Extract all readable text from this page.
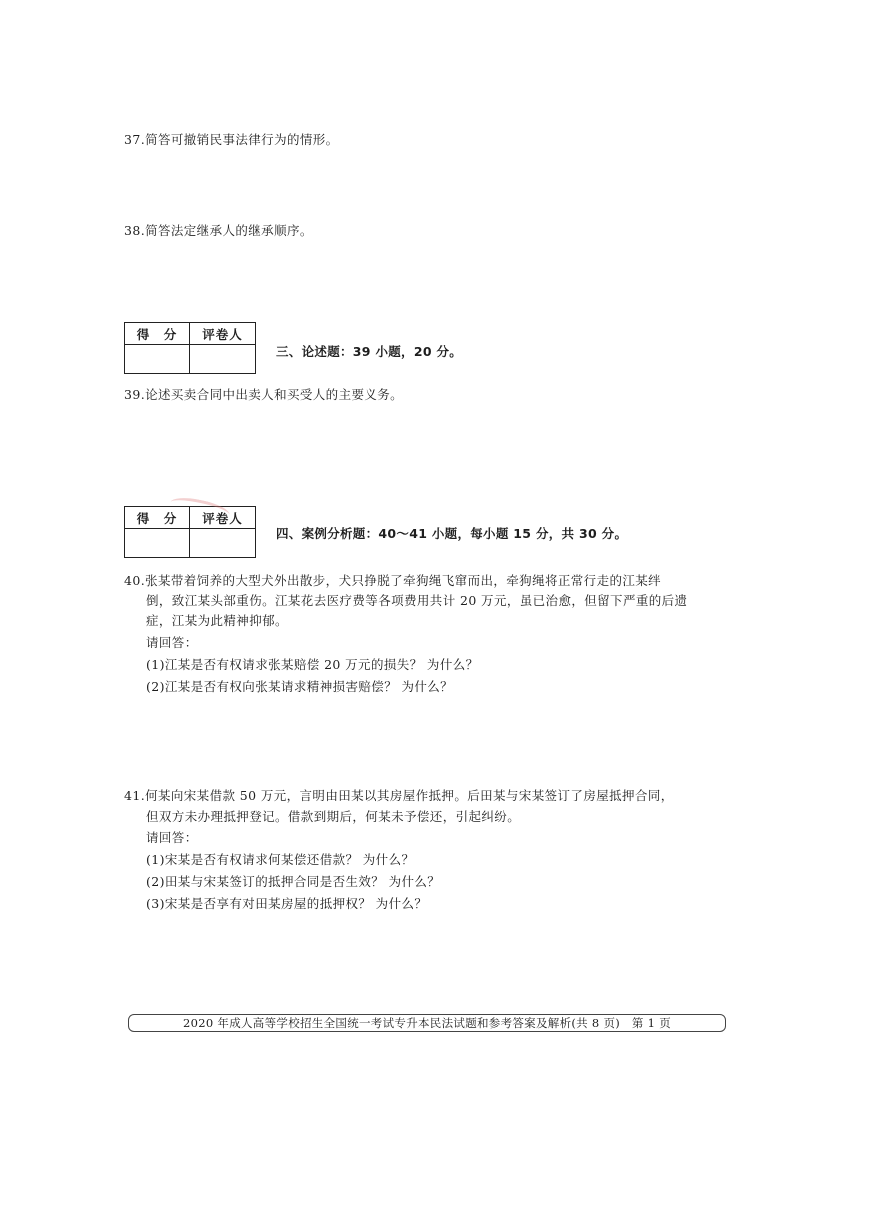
37.简答可撤销民事法律行为的情形。
38.简答法定继承人的继承顺序。
得　分	评卷人
三、论述题：39 小题，20 分。
39.论述买卖合同中出卖人和买受人的主要义务。
得　分	评卷人
四、案例分析题：40～41 小题，每小题 15 分，共 30 分。
40.张某带着饲养的大型犬外出散步，犬只挣脱了牵狗绳飞窜而出，牵狗绳将正常行走的江某绊
倒，致江某头部重伤。江某花去医疗费等各项费用共计 20 万元，虽已治愈，但留下严重的后遗
症，江某为此精神抑郁。
请回答：
(1)江某是否有权请求张某赔偿 20 万元的损失？ 为什么？
(2)江某是否有权向张某请求精神损害赔偿？ 为什么？
41.何某向宋某借款 50 万元，言明由田某以其房屋作抵押。后田某与宋某签订了房屋抵押合同，
但双方未办理抵押登记。借款到期后，何某未予偿还，引起纠纷。
请回答：
(1)宋某是否有权请求何某偿还借款？ 为什么？
(2)田某与宋某签订的抵押合同是否生效？ 为什么？
(3)宋某是否享有对田某房屋的抵押权？ 为什么？
2020 年成人高等学校招生全国统一考试专升本民法试题和参考答案及解析(共 8 页)　第 1 页
